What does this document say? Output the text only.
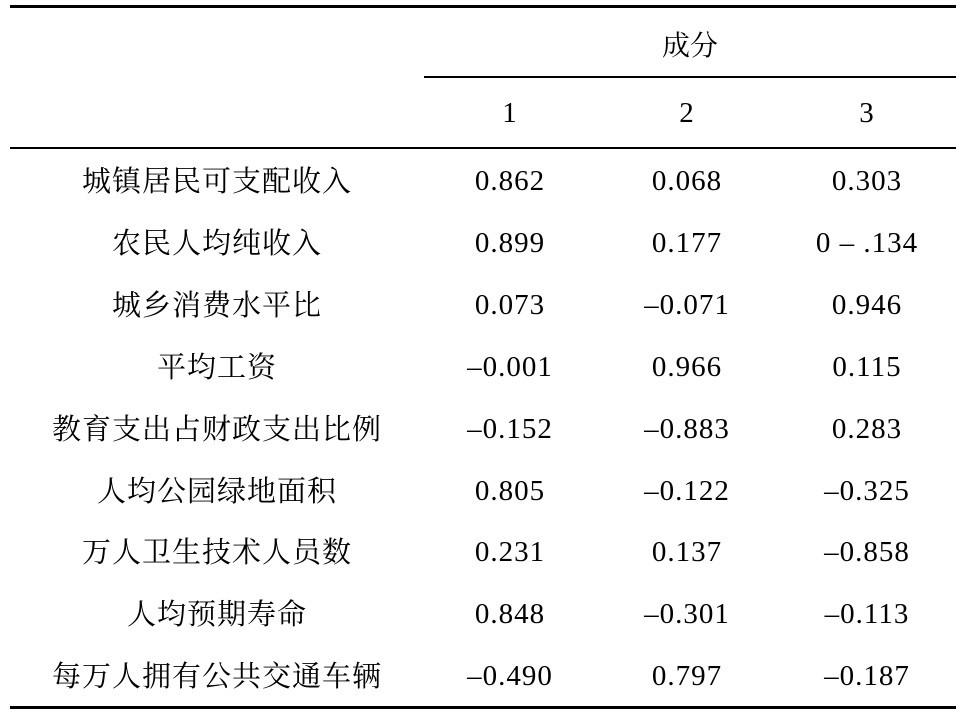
成分
1	2	3
城镇居民可支配收入	0.862	0.068	0.303
农民人均纯收入	0.899	0.177	0 – .134
城乡消费水平比	0.073	–0.071	0.946
平均工资	–0.001	0.966	0.115
教育支出占财政支出比例	–0.152	–0.883	0.283
人均公园绿地面积	0.805	–0.122	–0.325
万人卫生技术人员数	0.231	0.137	–0.858
人均预期寿命	0.848	–0.301	–0.113
每万人拥有公共交通车辆	–0.490	0.797	–0.187
